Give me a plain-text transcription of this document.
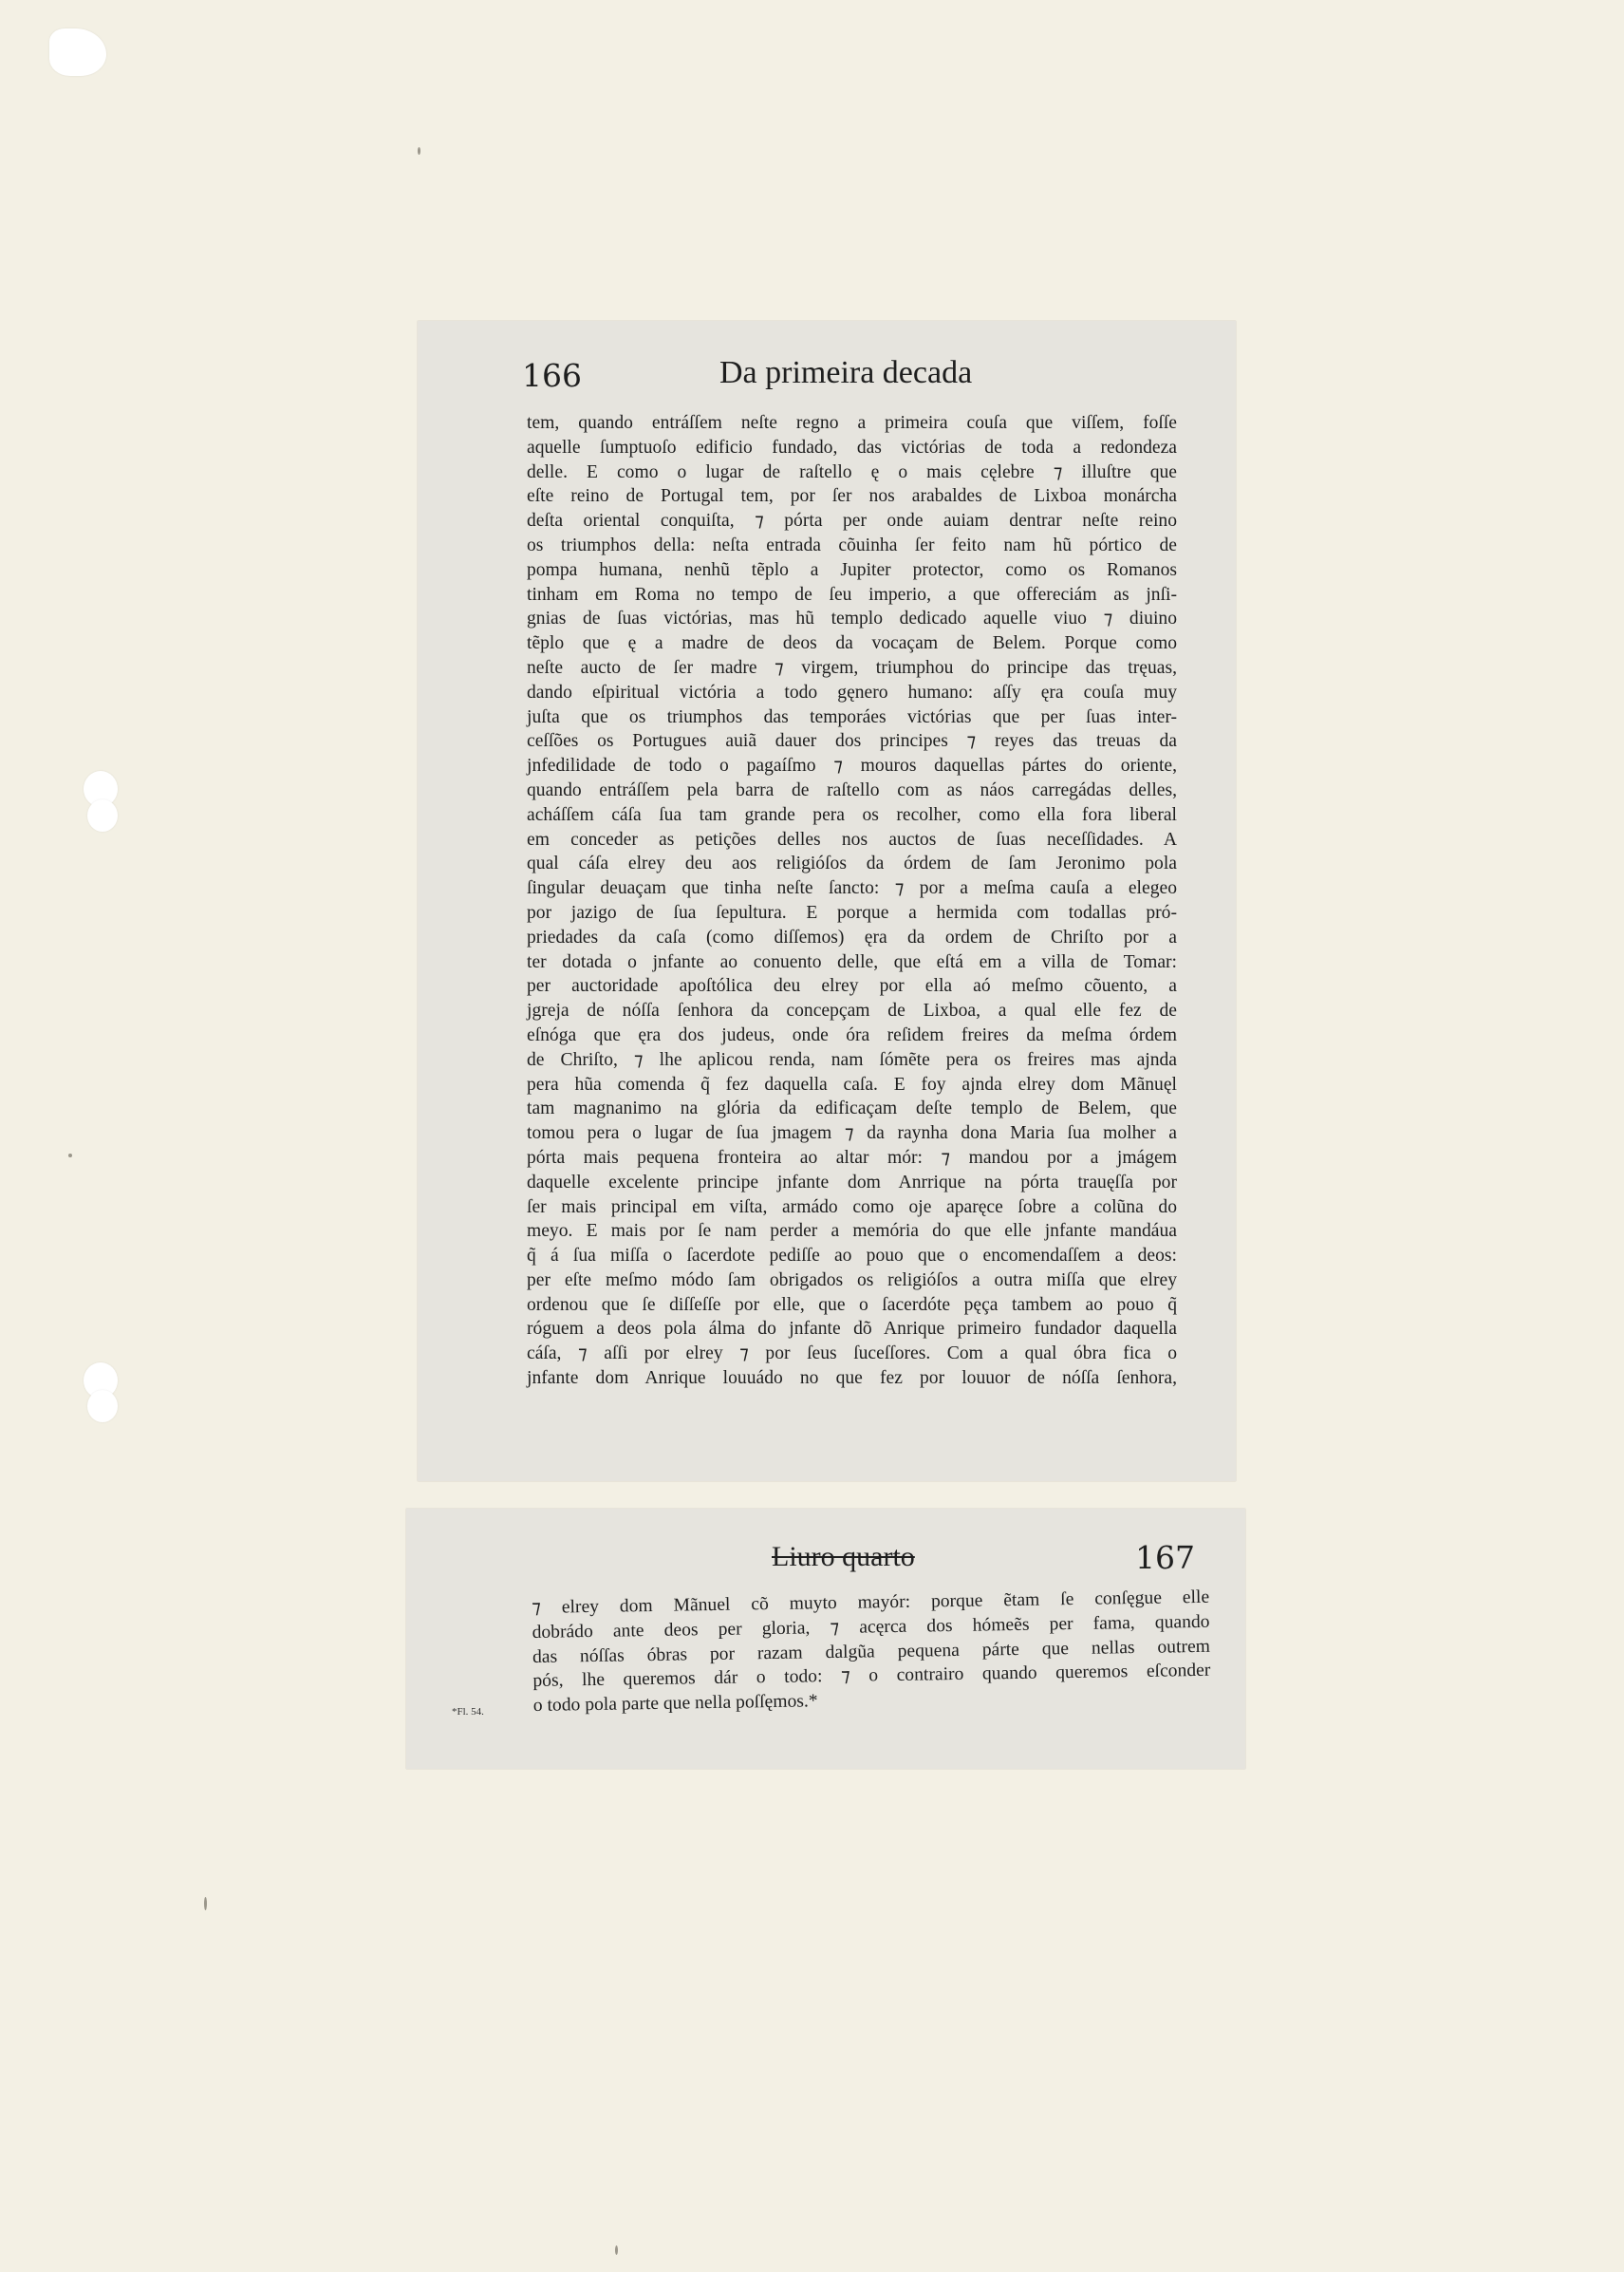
166	Da primeira decada
tem, quando entráſſem neſte regno a primeira couſa que viſſem, foſſe
aquelle ſumptuoſo edificio fundado, das victórias de toda a redondeza
delle. E como o lugar de raſtello ę o mais cęlebre ⁊ illuſtre que
eſte reino de Portugal tem, por ſer nos arabaldes de Lixboa monárcha
deſta oriental conquiſta, ⁊ pórta per onde auiam dentrar neſte reino
os triumphos della: neſta entrada cõuinha ſer feito nam hũ pórtico de
pompa humana, nenhũ tẽplo a Jupiter protector, como os Romanos
tinham em Roma no tempo de ſeu imperio, a que offereciám as jnſi-
gnias de ſuas victórias, mas hũ templo dedicado aquelle viuo ⁊ diuino
tẽplo que ę a madre de deos da vocaçam de Belem. Porque como
neſte aucto de ſer madre ⁊ virgem, triumphou do principe das tręuas,
dando eſpiritual victória a todo gęnero humano: aſſy ęra couſa muy
juſta que os triumphos das temporáes victórias que per ſuas inter-
ceſſões os Portugues auiã dauer dos principes ⁊ reyes das treuas da
jnfedilidade de todo o pagaíſmo ⁊ mouros daquellas pártes do oriente,
quando entráſſem pela barra de raſtello com as náos carregádas delles,
acháſſem cáſa ſua tam grande pera os recolher, como ella fora liberal
em conceder as petições delles nos auctos de ſuas neceſſidades. A
qual cáſa elrey deu aos religióſos da órdem de ſam Jeronimo pola
ſingular deuaçam que tinha neſte ſancto: ⁊ por a meſma cauſa a elegeo
por jazigo de ſua ſepultura. E porque a hermida com todallas pró-
priedades da caſa (como diſſemos) ęra da ordem de Chriſto por a
ter dotada o jnfante ao conuento delle, que eſtá em a villa de Tomar:
per auctoridade apoſtólica deu elrey por ella aó meſmo cõuento, a
jgreja de nóſſa ſenhora da concepçam de Lixboa, a qual elle fez de
eſnóga que ęra dos judeus, onde óra reſidem freires da meſma órdem
de Chriſto, ⁊ lhe aplicou renda, nam ſómẽte pera os freires mas ajnda
pera hũa comenda q̃ fez daquella caſa. E foy ajnda elrey dom Mãnuęl
tam magnanimo na glória da edificaçam deſte templo de Belem, que
tomou pera o lugar de ſua jmagem ⁊ da raynha dona Maria ſua molher a
pórta mais pequena fronteira ao altar mór: ⁊ mandou por a jmágem
daquelle excelente principe jnfante dom Anrrique na pórta trauęſſa por
ſer mais principal em viſta, armádo como oje aparęce ſobre a colũna do
meyo. E mais por ſe nam perder a memória do que elle jnfante mandáua
q̃ á ſua miſſa o ſacerdote pediſſe ao pouo que o encomendaſſem a deos:
per eſte meſmo módo ſam obrigados os religióſos a outra miſſa que elrey
ordenou que ſe diſſeſſe por elle, que o ſacerdóte pęça tambem ao pouo q̃
róguem a deos pola álma do jnfante dõ Anrique primeiro fundador daquella
cáſa, ⁊ aſſi por elrey ⁊ por ſeus ſuceſſores. Com a qual óbra fica o
jnfante dom Anrique louuádo no que fez por louuor de nóſſa ſenhora,
Liuro quarto	167
⁊ elrey dom Mãnuel cõ muyto mayór: porque ẽtam ſe conſęgue elle
dobrádo ante deos per gloria, ⁊ acęrca dos hómeẽs per fama, quando
das nóſſas óbras por razam dalgũa pequena párte que nellas outrem
pós, lhe queremos dár o todo: ⁊ o contrairo quando queremos eſconder
o todo pola parte que nella poſſęmos.*
*Fl. 54.
